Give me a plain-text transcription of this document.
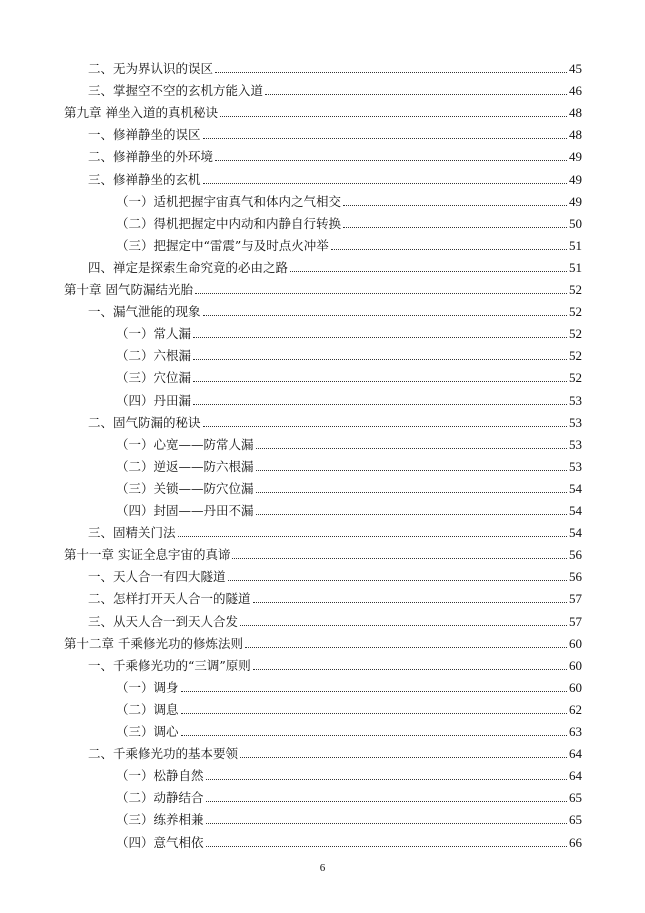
二、无为界认识的误区	45
三、掌握空不空的玄机方能入道	46
第九章 禅坐入道的真机秘诀	48
一、修禅静坐的误区	48
二、修禅静坐的外环境	49
三、修禅静坐的玄机	49
（一）适机把握宇宙真气和体内之气相交	49
（二）得机把握定中内动和内静自行转换	50
（三）把握定中“雷震”与及时点火冲举	51
四、禅定是探索生命究竟的必由之路	51
第十章 固气防漏结光胎	52
一、漏气泄能的现象	52
（一）常人漏	52
（二）六根漏	52
（三）穴位漏	52
（四）丹田漏	53
二、固气防漏的秘诀	53
（一）心宽——防常人漏	53
（二）逆返——防六根漏	53
（三）关锁——防穴位漏	54
（四）封固——丹田不漏	54
三、固精关门法	54
第十一章 实证全息宇宙的真谛	56
一、天人合一有四大隧道	56
二、怎样打开天人合一的隧道	57
三、从天人合一到天人合发	57
第十二章 千乘修光功的修炼法则	60
一、千乘修光功的“三调”原则	60
（一）调身	60
（二）调息	62
（三）调心	63
二、千乘修光功的基本要领	64
（一）松静自然	64
（二）动静结合	65
（三）练养相兼	65
（四）意气相依	66
6
